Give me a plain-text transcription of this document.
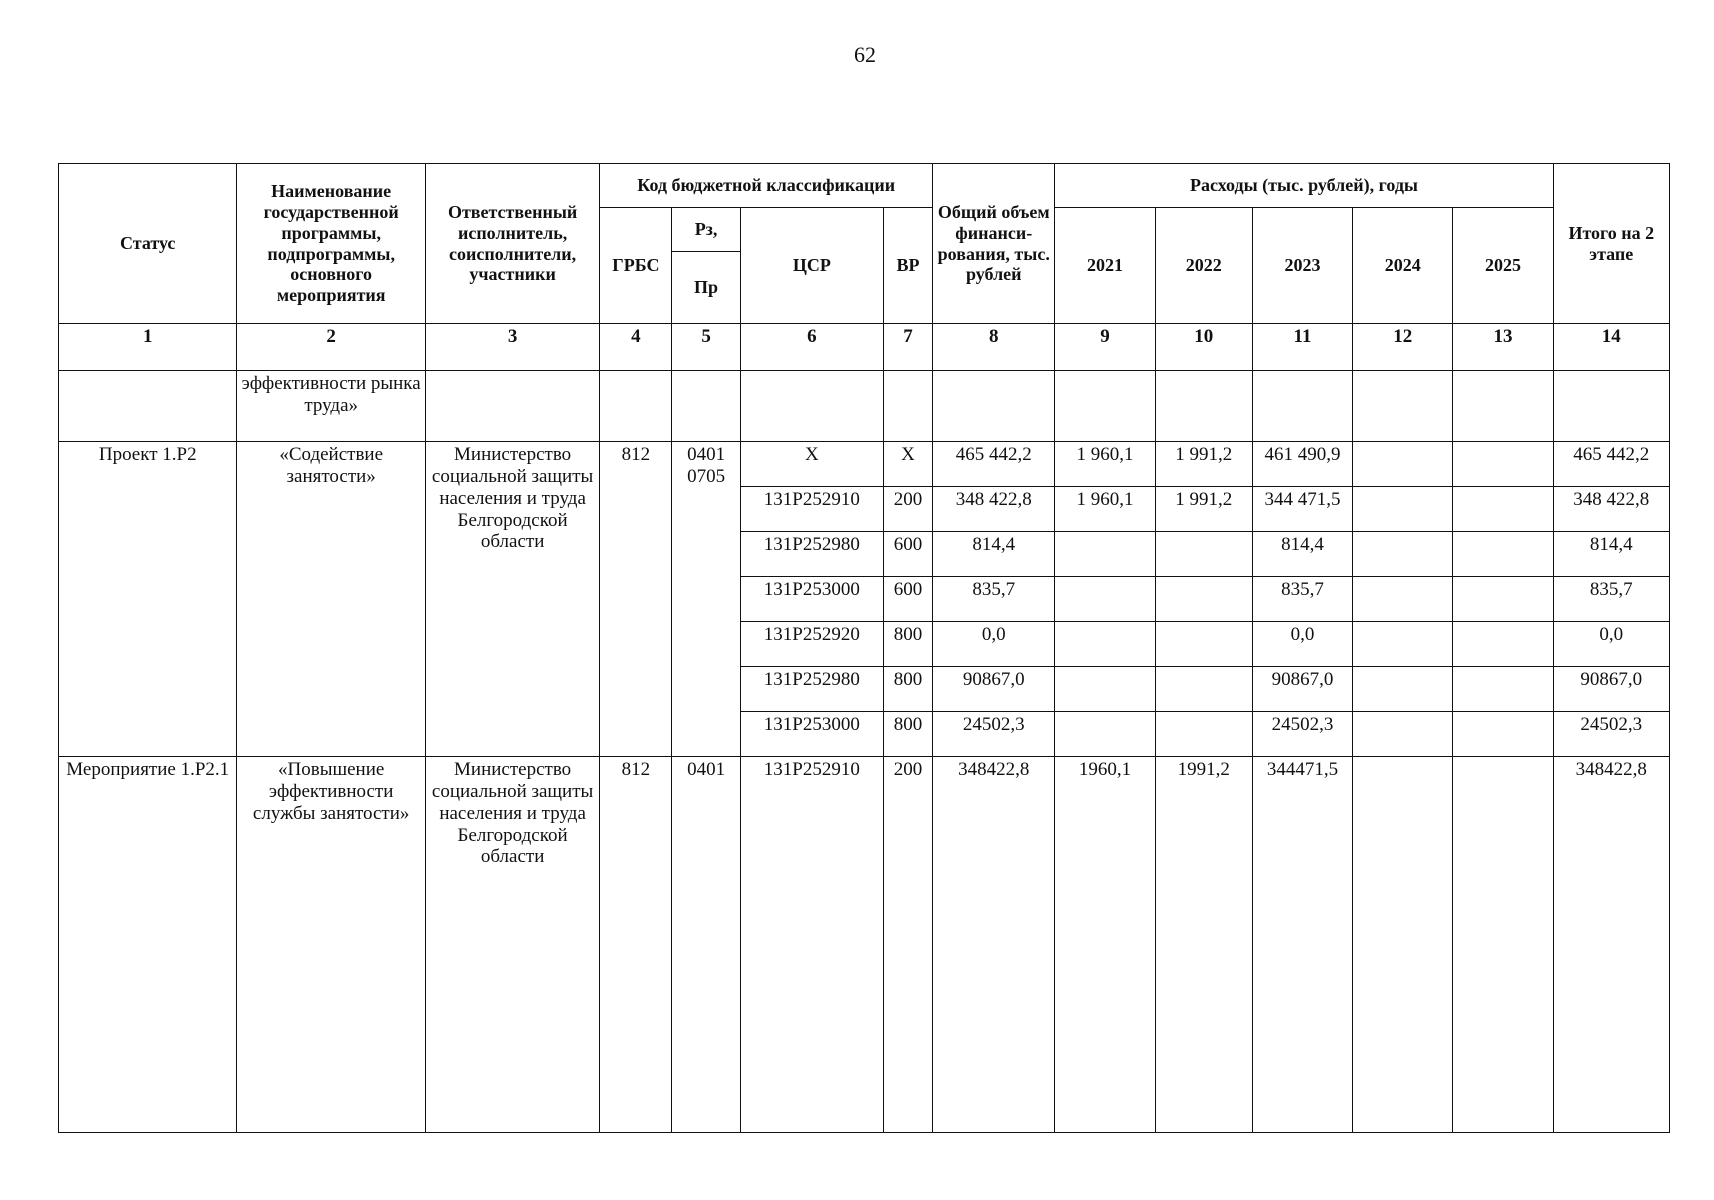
62
Статус	Наименование государственной программы, подпрограммы, основного мероприятия	Ответственный исполнитель, соисполнители, участники	Код бюджетной классификации				Общий объем финанси-рования, тыс. рублей	Расходы (тыс. рублей), годы					Итого на 2 этапе
			ГРБС	Рз,	ЦСР	ВР		2021	2022	2023	2024	2025	
				Пр									
1	2	3	4	5	6	7	8	9	10	11	12	13	14
	эффективности рынка труда»												
Проект 1.Р2	«Содействие занятости»	Министерство социальной защиты населения и труда Белгородской области	812	0401 0705	X	X	465 442,2	1 960,1	1 991,2	461 490,9			465 442,2
					131Р252910	200	348 422,8	1 960,1	1 991,2	344 471,5			348 422,8
					131Р252980	600	814,4			814,4			814,4
					131Р253000	600	835,7			835,7			835,7
					131Р252920	800	0,0			0,0			0,0
					131Р252980	800	90867,0			90867,0			90867,0
					131Р253000	800	24502,3			24502,3			24502,3
Мероприятие 1.Р2.1	«Повышение эффективности службы занятости»	Министерство социальной защиты населения и труда Белгородской области	812	0401	131Р252910	200	348422,8	1960,1	1991,2	344471,5			348422,8
